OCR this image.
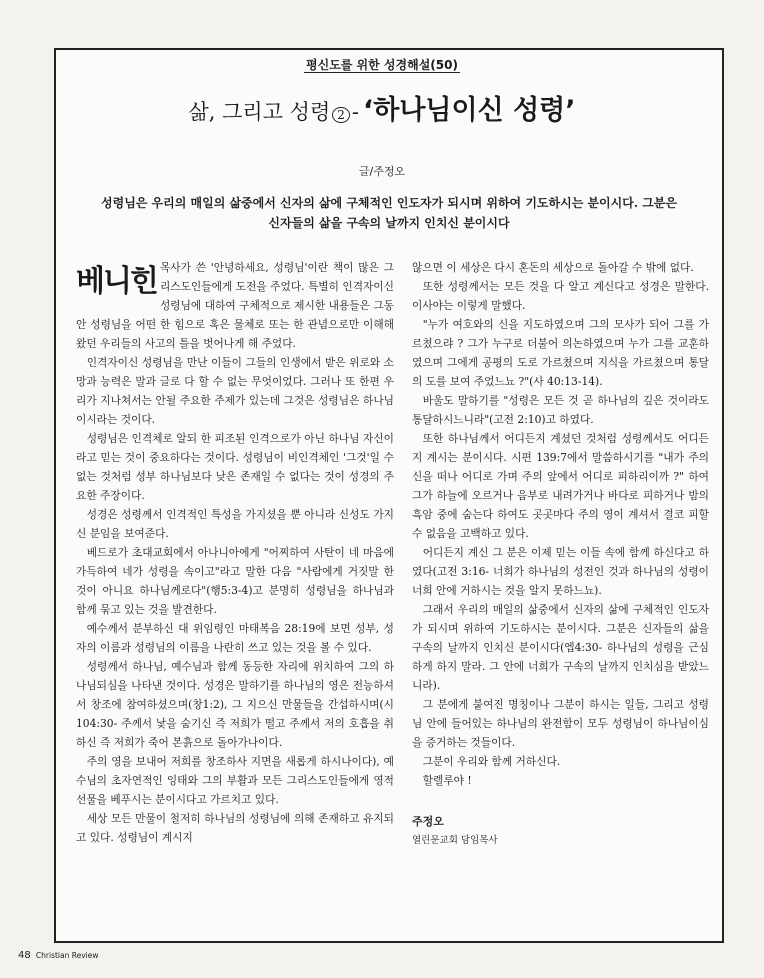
평신도를 위한 성경해설(50)
삶, 그리고 성령 2 - ‘하나님이신 성령’
글/주정오
성령님은 우리의 매일의 삶중에서 신자의 삶에 구체적인 인도자가 되시며 위하여 기도하시는 분이시다. 그분은 신자들의 삶을 구속의 날까지 인치신 분이시다
베니힌 목사가 쓴 '안녕하세요, 성령님'이란 책이 많은 그리스도인들에게 도전을 주었다. 특별히 인격자이신 성령님에 대하여 구체적으로 제시한 내용들은 그동안 성령님을 어떤 한 힘으로 혹은 물체로 또는 한 관념으로만 이해해 왔던 우리들의 사고의 틀을 벗어나게 해 주었다.

인격자이신 성령님을 만난 이들이 그들의 인생에서 받은 위로와 소망과 능력은 말과 글로 다 할 수 없는 무엇이었다. 그러나 또 한편 우리가 지나쳐서는 안될 주요한 주제가 있는데 그것은 성령님은 하나님이시라는 것이다.

성령님은 인격체로 알되 한 피조된 인격으로가 아닌 하나님 자신이라고 믿는 것이 중요하다는 것이다. 성령님이 비인격체인 '그것'일 수 없는 것처럼 성부 하나님보다 낮은 존재일 수 없다는 것이 성경의 주요한 주장이다.

성경은 성령께서 인격적인 특성을 가지셨을 뿐 아니라 신성도 가지신 분임을 보여준다.

베드로가 초대교회에서 아나니아에게 "어찌하여 사탄이 네 마음에 가득하여 네가 성령을 속이고"라고 말한 다음 "사람에게 거짓말 한 것이 아니요 하나님께로다"(행5:3-4)고 분명히 성령님을 하나님과 함께 묶고 있는 것을 발견한다.

예수께서 분부하신 대 위임령인 마태복음 28:19에 보면 성부, 성자의 이름과 성령님의 이름을 나란히 쓰고 있는 것을 볼 수 있다.

성령께서 하나님, 예수님과 함께 동등한 자리에 위치하여 그의 하나님되심을 나타낸 것이다. 성경은 말하기를 하나님의 영은 전능하셔서 창조에 참여하셨으며(창1:2), 그 지으신 만물들을 간섭하시며(시104:30- 주께서 낯을 숨기신 즉 저희가 떨고 주께서 저의 호흡을 취하신 즉 저희가 죽어 본흙으로 돌아가나이다.

주의 영을 보내어 저희를 창조하사 지면을 새롭게 하시나이다), 예수님의 초자연적인 잉태와 그의 부활과 모든 그리스도인들에게 영적 선물을 베푸시는 분이시다고 가르치고 있다.

세상 모든 만물이 철저히 하나님의 성령님에 의해 존재하고 유지되고 있다. 성령님이 계시지

않으면 이 세상은 다시 혼돈의 세상으로 돌아갈 수 밖에 없다.

또한 성령께서는 모든 것을 다 알고 계신다고 성경은 말한다. 이사야는 이렇게 말했다.

"누가 여호와의 신을 지도하였으며 그의 모사가 되어 그를 가르쳤으랴 ? 그가 누구로 더불어 의논하였으며 누가 그를 교훈하였으며 그에게 공평의 도로 가르쳤으며 지식을 가르쳤으며 통달의 도를 보여 주었느뇨 ?"(사 40:13-14).

바울도 말하기를 "성령은 모든 것 곧 하나님의 깊은 것이라도 통달하시느니라"(고전 2:10)고 하였다.

또한 하나님께서 어디든지 계셨던 것처럼 성령께서도 어디든지 계시는 분이시다. 시편 139:7에서 말씀하시기를 "내가 주의 신을 떠나 어디로 가며 주의 앞에서 어디로 피하리이까 ?" 하여 그가 하늘에 오르거나 음부로 내려가거나 바다로 피하거나 밤의 흑암 중에 숨는다 하여도 곳곳마다 주의 영이 계셔서 결코 피할 수 없음을 고백하고 있다.

어디든지 계신 그 분은 이제 믿는 이들 속에 함께 하신다고 하였다(고전 3:16- 너희가 하나님의 성전인 것과 하나님의 성령이 너희 안에 거하시는 것을 알지 못하느뇨).

그래서 우리의 매일의 삶중에서 신자의 삶에 구체적인 인도자가 되시며 위하여 기도하시는 분이시다. 그분은 신자들의 삶을 구속의 날까지 인치신 분이시다(엡4:30- 하나님의 성령을 근심하게 하지 말라. 그 안에 너희가 구속의 날까지 인치심을 받았느니라).

그 분에게 붙여진 명칭이나 그분이 하시는 일들, 그리고 성령님 안에 들어있는 하나님의 완전함이 모두 성령님이 하나님이심을 증거하는 것들이다.

그분이 우리와 함께 거하신다.

할렐루야 !

주정오
열린문교회 담임목사
48 Christian Review
